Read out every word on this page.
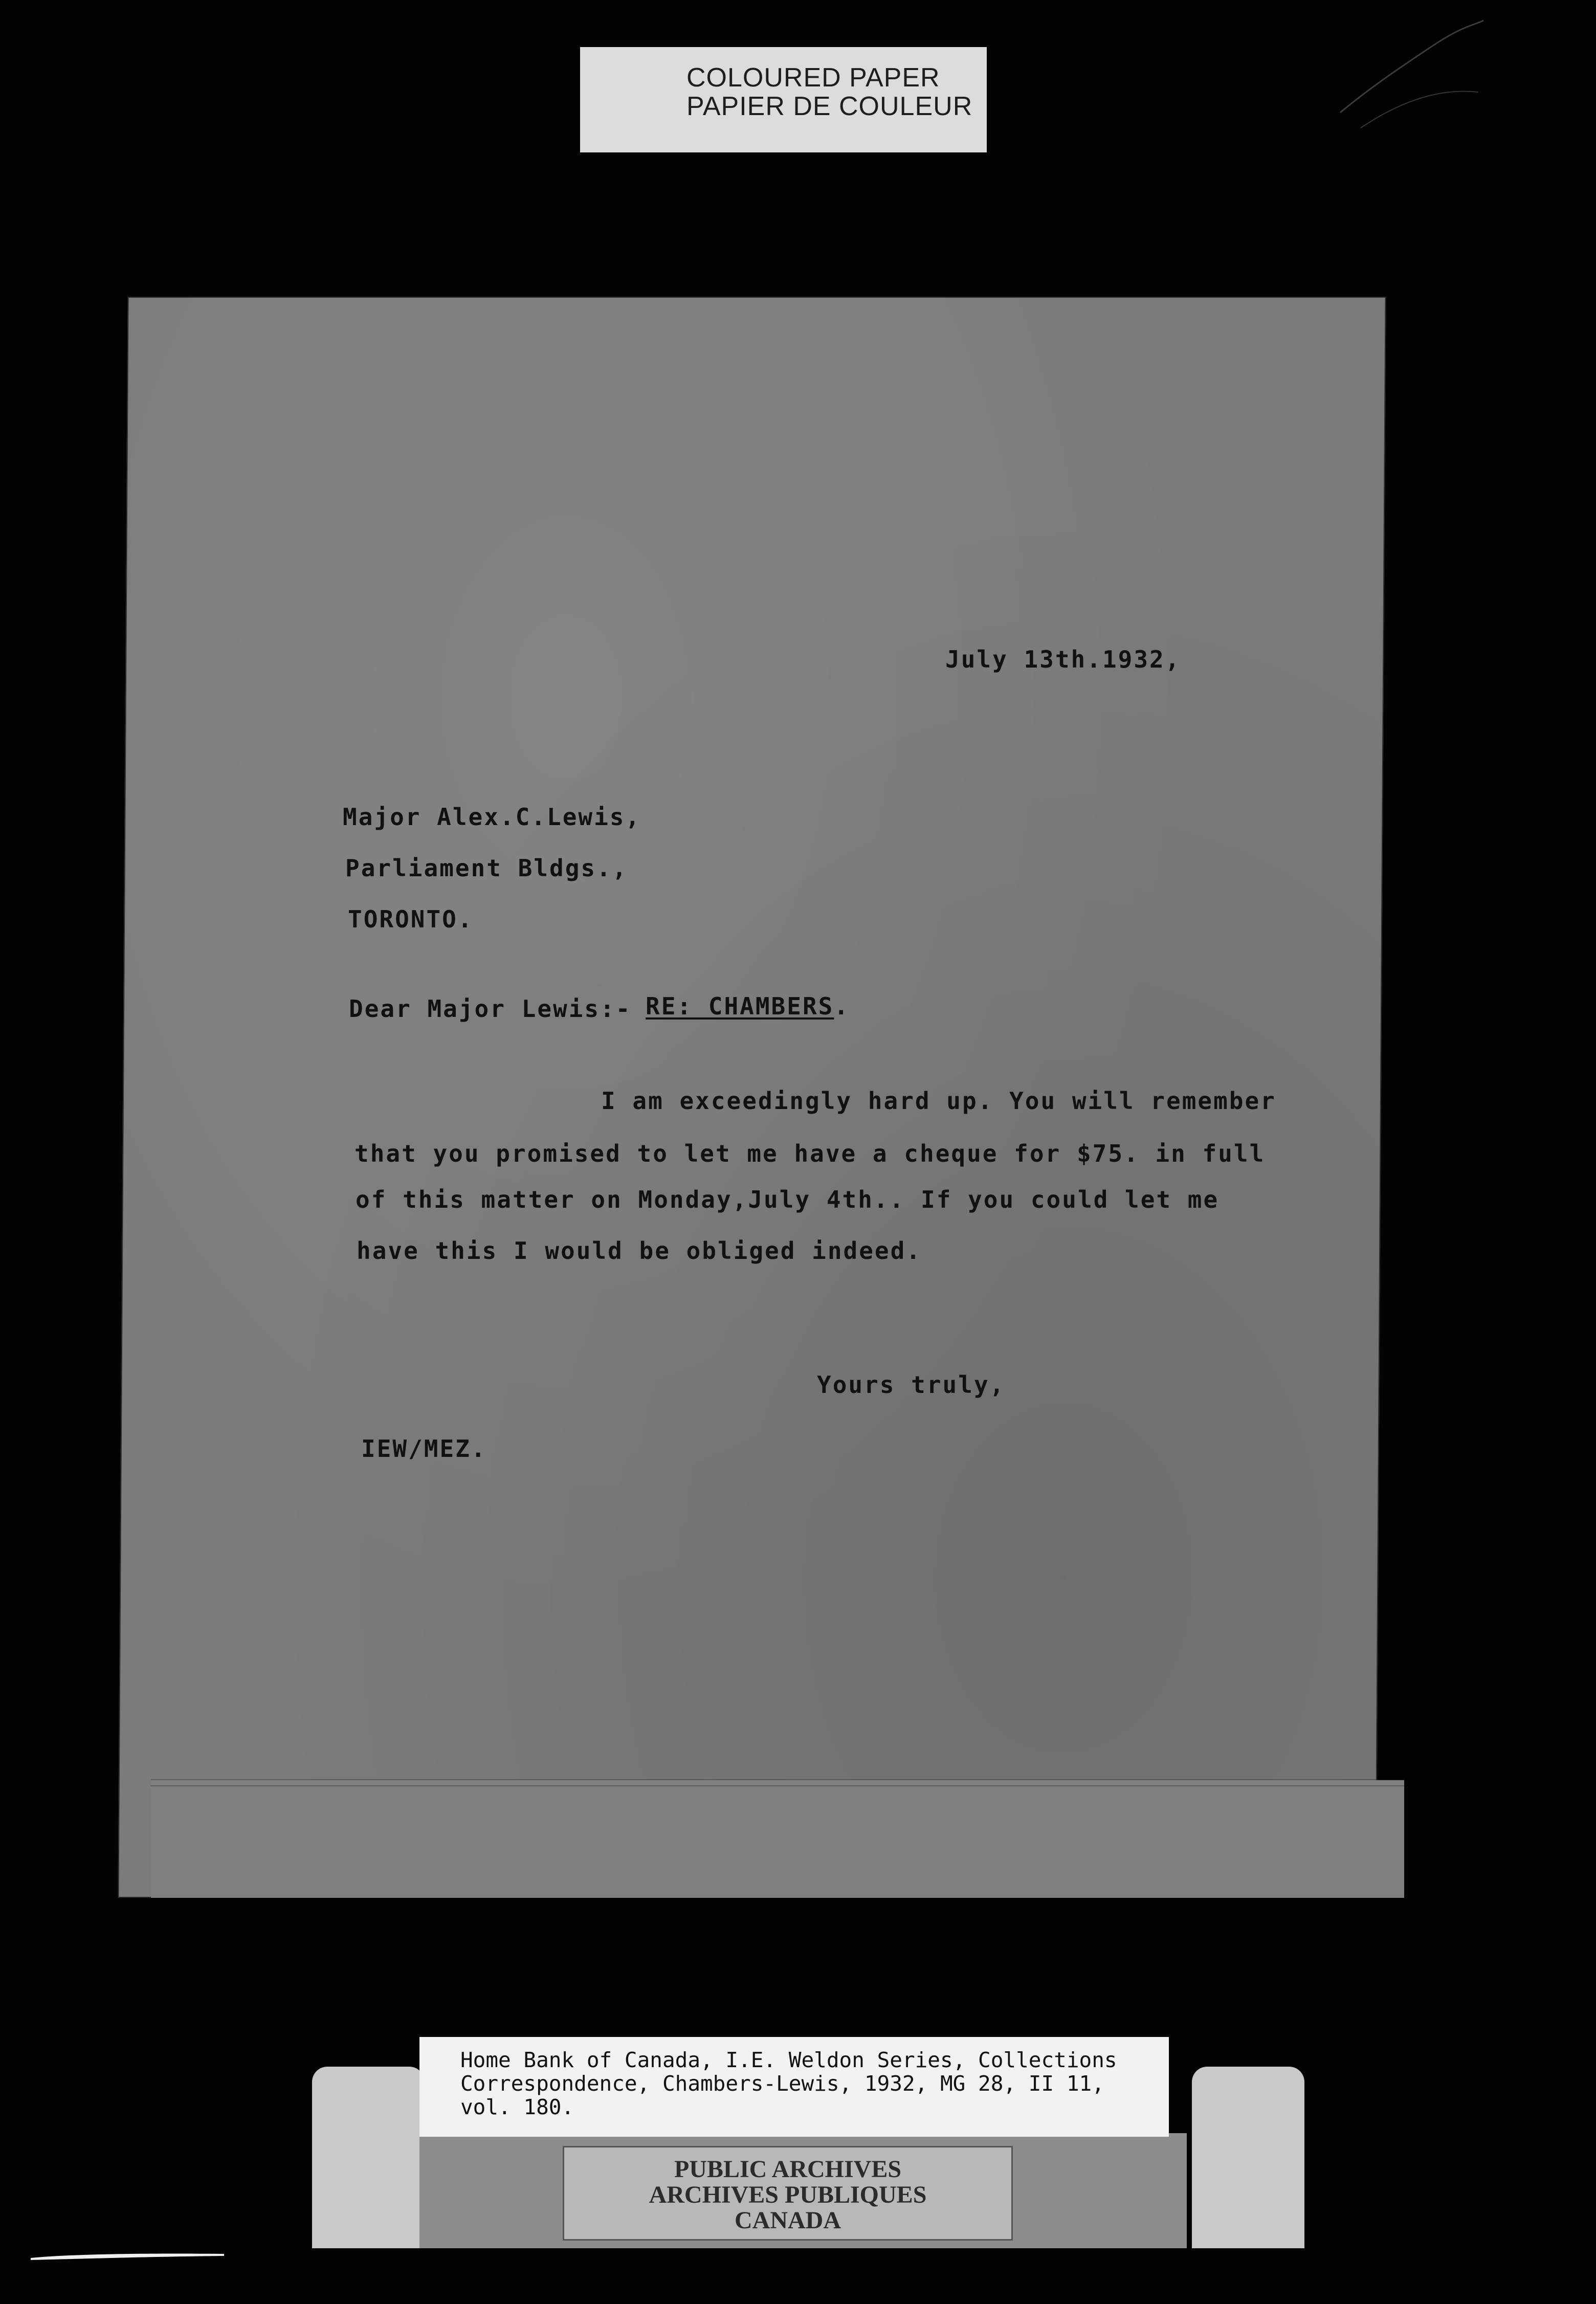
COLOURED PAPER
PAPIER DE COULEUR
July 13th.1932,
Major Alex.C.Lewis,
Parliament Bldgs.,
TORONTO.
Dear Major Lewis:- RE: CHAMBERS.
I am exceedingly hard up. You will remember
that you promised to let me have a cheque for $75. in full
of this matter on Monday,July 4th.. If you could let me
have this I would be obliged indeed.
Yours truly,
IEW/MEZ.
Home Bank of Canada, I.E. Weldon Series, Collections
Correspondence, Chambers-Lewis, 1932, MG 28, II 11,
vol. 180.
PUBLIC ARCHIVES
ARCHIVES PUBLIQUES
CANADA
